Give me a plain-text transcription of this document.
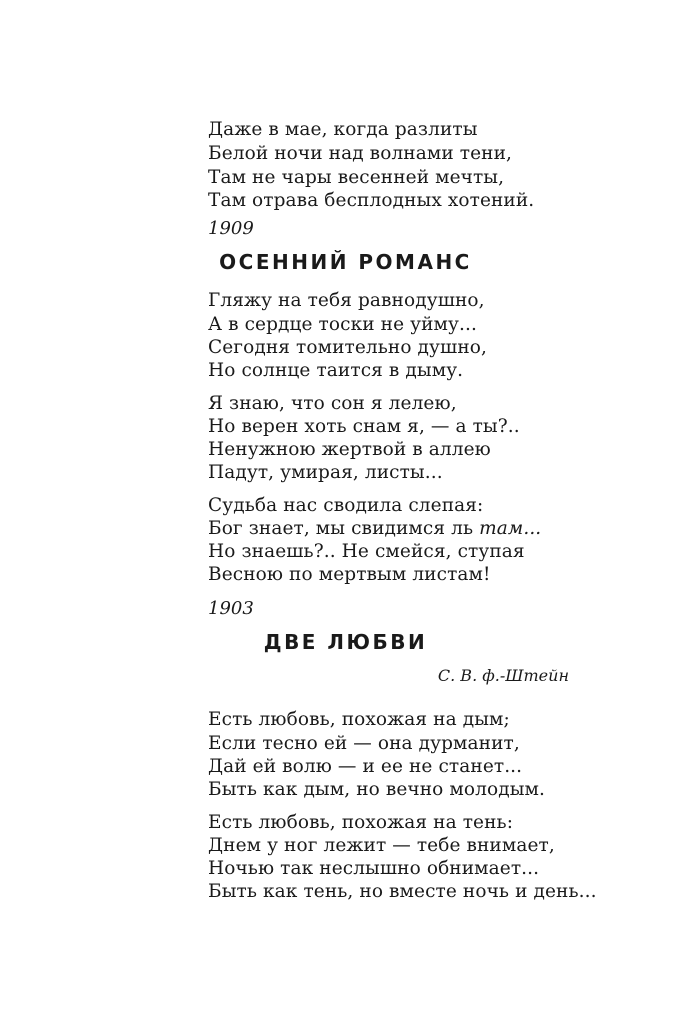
Даже в мае, когда разлиты
Белой ночи над волнами тени,
Там не чары весенней мечты,
Там отрава бесплодных хотений.
1909
ОСЕННИЙ РОМАНС
Гляжу на тебя равнодушно,
А в сердце тоски не уйму...
Сегодня томительно душно,
Но солнце таится в дыму.
Я знаю, что сон я лелею,
Но верен хоть снам я, — а ты?..
Ненужною жертвой в аллею
Падут, умирая, листы...
Судьба нас сводила слепая:
Бог знает, мы свидимся ль там...
Но знаешь?.. Не смейся, ступая
Весною по мертвым листам!
1903
ДВЕ ЛЮБВИ
С. В. ф.-Штейн
Есть любовь, похожая на дым;
Если тесно ей — она дурманит,
Дай ей волю — и ее не станет...
Быть как дым, но вечно молодым.
Есть любовь, похожая на тень:
Днем у ног лежит — тебе внимает,
Ночью так неслышно обнимает...
Быть как тень, но вместе ночь и день...
